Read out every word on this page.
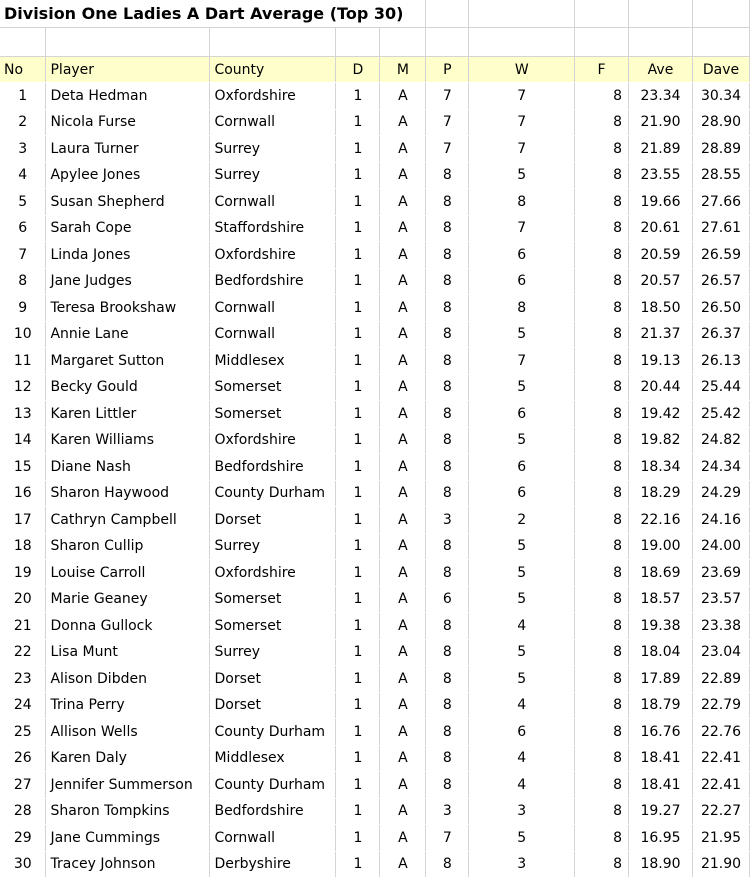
Division One Ladies A Dart Average (Top 30)									

No	Player	County	D	M	P	W	F	Ave	Dave
1	Deta Hedman	Oxfordshire	1	A	7	7	8	23.34	30.34
2	Nicola Furse	Cornwall	1	A	7	7	8	21.90	28.90
3	Laura Turner	Surrey	1	A	7	7	8	21.89	28.89
4	Apylee Jones	Surrey	1	A	8	5	8	23.55	28.55
5	Susan Shepherd	Cornwall	1	A	8	8	8	19.66	27.66
6	Sarah Cope	Staffordshire	1	A	8	7	8	20.61	27.61
7	Linda Jones	Oxfordshire	1	A	8	6	8	20.59	26.59
8	Jane Judges	Bedfordshire	1	A	8	6	8	20.57	26.57
9	Teresa Brookshaw	Cornwall	1	A	8	8	8	18.50	26.50
10	Annie Lane	Cornwall	1	A	8	5	8	21.37	26.37
11	Margaret Sutton	Middlesex	1	A	8	7	8	19.13	26.13
12	Becky Gould	Somerset	1	A	8	5	8	20.44	25.44
13	Karen Littler	Somerset	1	A	8	6	8	19.42	25.42
14	Karen Williams	Oxfordshire	1	A	8	5	8	19.82	24.82
15	Diane Nash	Bedfordshire	1	A	8	6	8	18.34	24.34
16	Sharon Haywood	County Durham	1	A	8	6	8	18.29	24.29
17	Cathryn Campbell	Dorset	1	A	3	2	8	22.16	24.16
18	Sharon Cullip	Surrey	1	A	8	5	8	19.00	24.00
19	Louise Carroll	Oxfordshire	1	A	8	5	8	18.69	23.69
20	Marie Geaney	Somerset	1	A	6	5	8	18.57	23.57
21	Donna Gullock	Somerset	1	A	8	4	8	19.38	23.38
22	Lisa Munt	Surrey	1	A	8	5	8	18.04	23.04
23	Alison Dibden	Dorset	1	A	8	5	8	17.89	22.89
24	Trina Perry	Dorset	1	A	8	4	8	18.79	22.79
25	Allison Wells	County Durham	1	A	8	6	8	16.76	22.76
26	Karen Daly	Middlesex	1	A	8	4	8	18.41	22.41
27	Jennifer Summerson	County Durham	1	A	8	4	8	18.41	22.41
28	Sharon Tompkins	Bedfordshire	1	A	3	3	8	19.27	22.27
29	Jane Cummings	Cornwall	1	A	7	5	8	16.95	21.95
30	Tracey Johnson	Derbyshire	1	A	8	3	8	18.90	21.90
